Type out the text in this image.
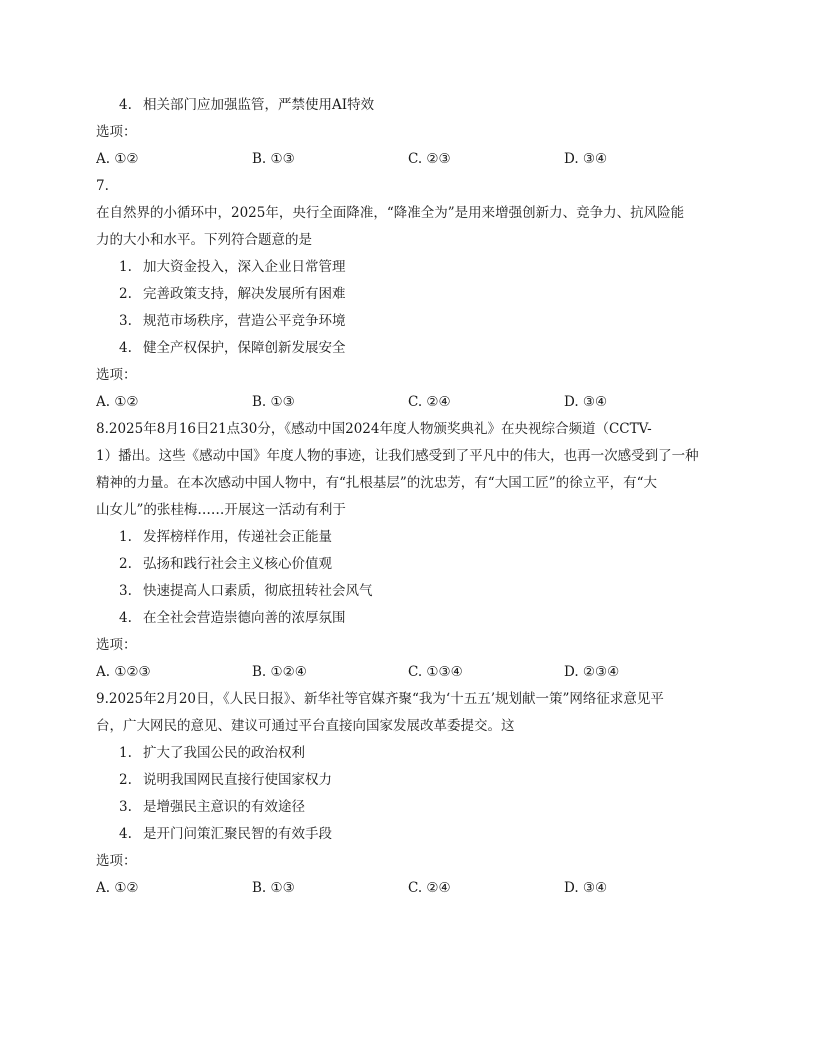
4. 相关部门应加强监管，严禁使用AI特效
选项：
A. ①②	B. ①③	C. ②③	D. ③④
7.
在自然界的小循环中，2025年，央行全面降准，“降准全为”是用来增强创新力、竞争力、抗风险能
力的大小和水平。下列符合题意的是
1. 加大资金投入，深入企业日常管理
2. 完善政策支持，解决发展所有困难
3. 规范市场秩序，营造公平竞争环境
4. 健全产权保护，保障创新发展安全
选项：
A. ①②	B. ①③	C. ②④	D. ③④
8.2025年8月16日21点30分，《感动中国2024年度人物颁奖典礼》在央视综合频道（CCTV-
1）播出。这些《感动中国》年度人物的事迹，让我们感受到了平凡中的伟大，也再一次感受到了一种
精神的力量。在本次感动中国人物中，有“扎根基层”的沈忠芳，有“大国工匠”的徐立平，有“大
山女儿”的张桂梅……开展这一活动有利于
1. 发挥榜样作用，传递社会正能量
2. 弘扬和践行社会主义核心价值观
3. 快速提高人口素质，彻底扭转社会风气
4. 在全社会营造崇德向善的浓厚氛围
选项：
A. ①②③	B. ①②④	C. ①③④	D. ②③④
9.2025年2月20日，《人民日报》、新华社等官媒齐聚“我为‘十五五’规划献一策”网络征求意见平
台，广大网民的意见、建议可通过平台直接向国家发展改革委提交。这
1. 扩大了我国公民的政治权利
2. 说明我国网民直接行使国家权力
3. 是增强民主意识的有效途径
4. 是开门问策汇聚民智的有效手段
选项：
A. ①②	B. ①③	C. ②④	D. ③④
